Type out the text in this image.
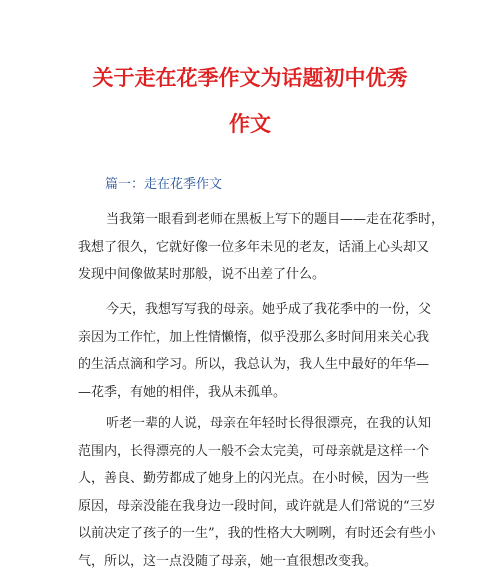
关于走在花季作文为话题初中优秀
作文
篇一：走在花季作文
当我第一眼看到老师在黑板上写下的题目——走在花季时，
我想了很久，它就好像一位多年未见的老友，话涌上心头却又
发现中间像做某时那般，说不出差了什么。
今天，我想写写我的母亲。她乎成了我花季中的一份，父
亲因为工作忙，加上性情懒惰，似乎没那么多时间用来关心我
的生活点滴和学习。所以，我总认为，我人生中最好的年华—
—花季，有她的相伴，我从未孤单。
听老一辈的人说，母亲在年轻时长得很漂亮，在我的认知
范围内，长得漂亮的人一般不会太完美，可母亲就是这样一个
人，善良、勤劳都成了她身上的闪光点。在小时候，因为一些
原因，母亲没能在我身边一段时间，或许就是人们常说的“三岁
以前决定了孩子的一生”，我的性格大大咧咧，有时还会有些小
气，所以，这一点没随了母亲，她一直很想改变我。
